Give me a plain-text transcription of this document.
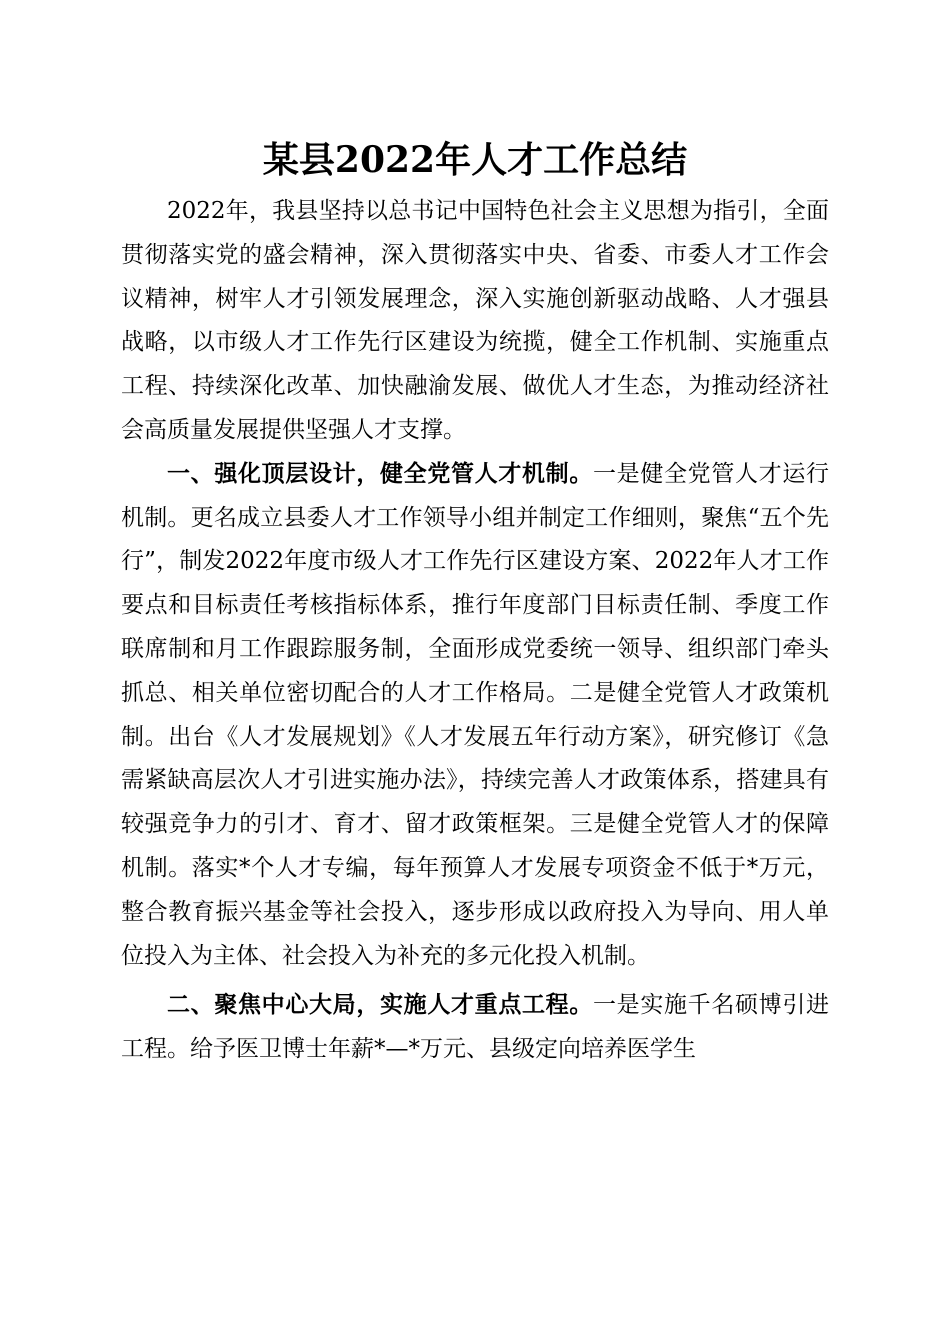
某县2022年人才工作总结

2022年，我县坚持以总书记中国特色社会主义思想为指引，全面贯彻落实党的盛会精神，深入贯彻落实中央、省委、市委人才工作会议精神，树牢人才引领发展理念，深入实施创新驱动战略、人才强县战略，以市级人才工作先行区建设为统揽，健全工作机制、实施重点工程、持续深化改革、加快融渝发展、做优人才生态，为推动经济社会高质量发展提供坚强人才支撑。

一、强化顶层设计，健全党管人才机制。一是健全党管人才运行机制。更名成立县委人才工作领导小组并制定工作细则，聚焦“五个先行”，制发2022年度市级人才工作先行区建设方案、2022年人才工作要点和目标责任考核指标体系，推行年度部门目标责任制、季度工作联席制和月工作跟踪服务制，全面形成党委统一领导、组织部门牵头抓总、相关单位密切配合的人才工作格局。二是健全党管人才政策机制。出台《人才发展规划》《人才发展五年行动方案》，研究修订《急需紧缺高层次人才引进实施办法》，持续完善人才政策体系，搭建具有较强竞争力的引才、育才、留才政策框架。三是健全党管人才的保障机制。落实*个人才专编，每年预算人才发展专项资金不低于*万元，整合教育振兴基金等社会投入，逐步形成以政府投入为导向、用人单位投入为主体、社会投入为补充的多元化投入机制。

二、聚焦中心大局，实施人才重点工程。一是实施千名硕博引进工程。给予医卫博士年薪*—*万元、县级定向培养医学生
